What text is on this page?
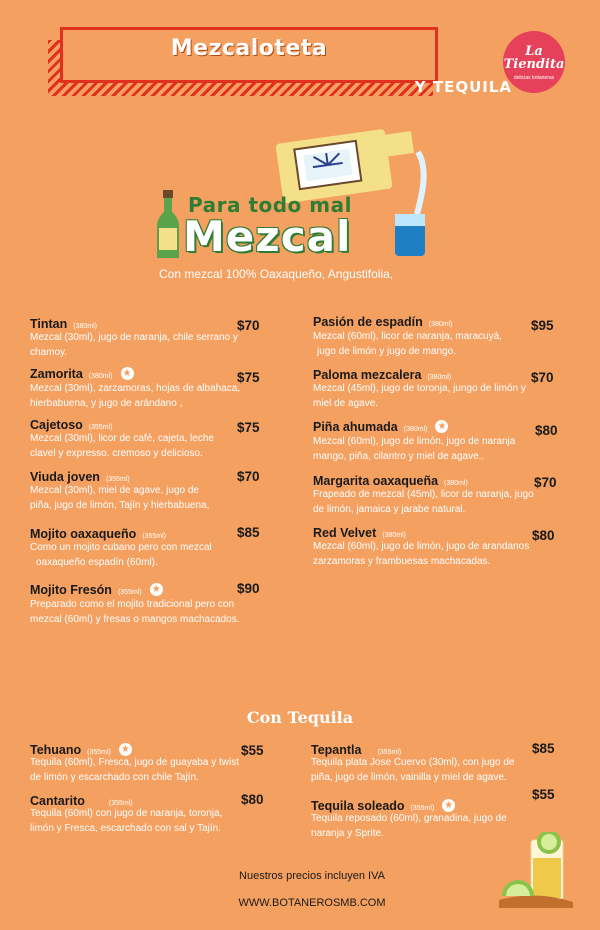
Mezcaloteta
Y TEQUILA
La Tiendita
delicias botaneras
Para todo mal
Mezcal
Con mezcal 100% Oaxaqueño, Angustifolia,
Tintan (380ml)	$70
Mezcal (30ml), jugo de naranja, chile serrano y
chamoy.
Zamorita (380ml) ★	$75
Mezcal (30ml), zarzamoras, hojas de albahaca,
hierbabuena, y jugo de arándano ,
Cajetoso (355ml)	$75
Mezcal (30ml), licor de café, cajeta, leche
clavel y expresso. cremoso y delicioso.
Viuda joven (355ml)	$70
Mezcal (30ml), miel de agave, jugo de
piña, jugo de limón, Tajín y hierbabuena,
Mojito oaxaqueño (355ml)	$85
Como un mojito cubano pero con mezcal
oaxaqueño espadín (60ml).
Mojito Fresón (355ml) ★	$90
Preparado como el mojito tradicional pero con
mezcal (60ml) y fresas o mangos machacados.
Pasión de espadín (380ml)	$95
Mezcal (60ml), licor de naranja, maracuyá,
jugo de limón y jugo de mango.
Paloma mezcalera (380ml)	$70
Mezcal (45ml), jugo de toronja, jungo de limón y
miel de agave.
Piña ahumada (380ml) ★	$80
Mezcal (60ml), jugo de limón, jugo de naranja
mango, piña, cilantro y miel de agave..
Margarita oaxaqueña (380ml)	$70
Frapeado de mezcal (45ml), licor de naranja, jugo
de limón, jamaica y jarabe natural.
Red Velvet (380ml)	$80
Mezcal (60ml), jugo de limón, jugo de arandanos
zarzamoras y frambuesas machacadas.
Con Tequila
Tehuano (355ml) ★	$55
Tequila (60ml), Fresca, jugo de guayaba y twist
de limón y escarchado con chile Tajín.
Cantarito	(355ml)	$80
Tequila (60ml) con jugo de naranja, toronja,
limón y Fresca, escarchado con sal y Tajín.
Tepantla (355ml)	$85
Tequila plata Jose Cuervo (30ml), con jugo de
piña, jugo de limón, vainilla y miel de agave.
Tequila soleado (355ml) ★
$55
Tequila reposado (60ml), granadina, jugo de
naranja y Sprite.
Nuestros precios incluyen IVA
WWW.BOTANEROSMB.COM
